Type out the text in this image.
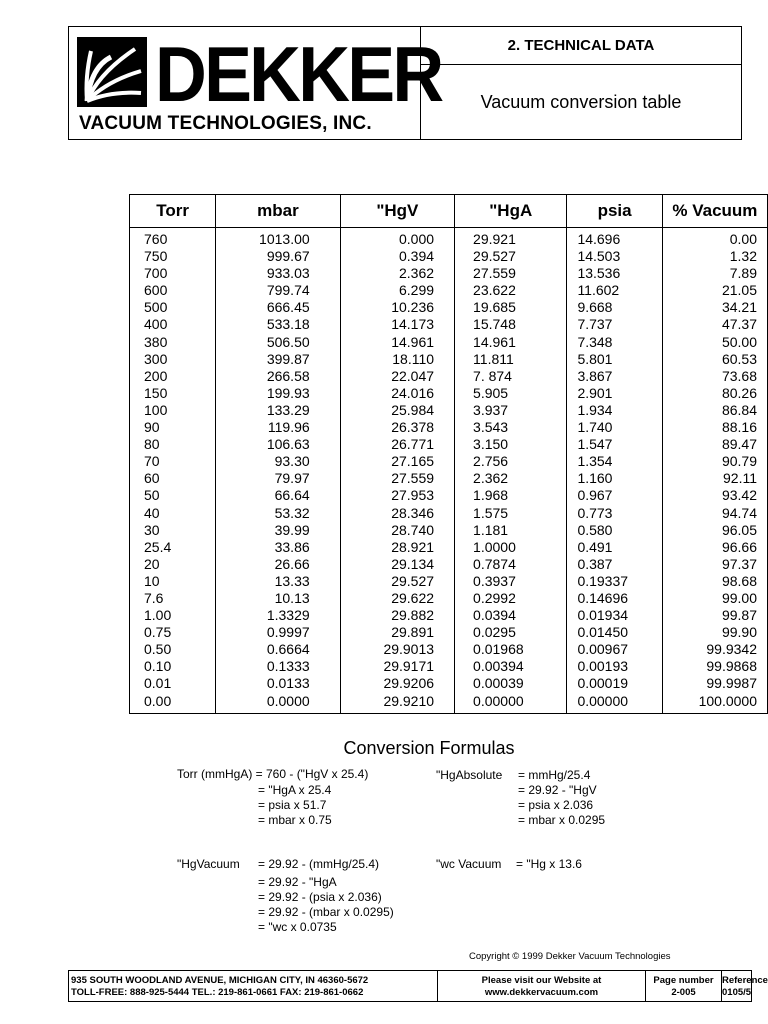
DEKKER
VACUUM TECHNOLOGIES, INC.
2. TECHNICAL DATA
Vacuum conversion table
Torr	mbar	"HgV	"HgA	psia	% Vacuum
760	1013.00	0.000	29.921	14.696	0.00
750	999.67	0.394	29.527	14.503	1.32
700	933.03	2.362	27.559	13.536	7.89
600	799.74	6.299	23.622	11.602	21.05
500	666.45	10.236	19.685	9.668	34.21
400	533.18	14.173	15.748	7.737	47.37
380	506.50	14.961	14.961	7.348	50.00
300	399.87	18.110	11.811	5.801	60.53
200	266.58	22.047	7. 874	3.867	73.68
150	199.93	24.016	5.905	2.901	80.26
100	133.29	25.984	3.937	1.934	86.84
90	119.96	26.378	3.543	1.740	88.16
80	106.63	26.771	3.150	1.547	89.47
70	93.30	27.165	2.756	1.354	90.79
60	79.97	27.559	2.362	1.160	92.11
50	66.64	27.953	1.968	0.967	93.42
40	53.32	28.346	1.575	0.773	94.74
30	39.99	28.740	1.181	0.580	96.05
25.4	33.86	28.921	1.0000	0.491	96.66
20	26.66	29.134	0.7874	0.387	97.37
10	13.33	29.527	0.3937	0.19337	98.68
7.6	10.13	29.622	0.2992	0.14696	99.00
1.00	1.3329	29.882	0.0394	0.01934	99.87
0.75	0.9997	29.891	0.0295	0.01450	99.90
0.50	0.6664	29.9013	0.01968	0.00967	99.9342
0.10	0.1333	29.9171	0.00394	0.00193	99.9868
0.01	0.0133	29.9206	0.00039	0.00019	99.9987
0.00	0.0000	29.9210	0.00000	0.00000	100.0000
Conversion Formulas
Torr (mmHgA) = 760 - ("HgV x 25.4)
= "HgA x 25.4
= psia x 51.7
= mbar x 0.75
"HgAbsolute = mmHg/25.4
= 29.92 - "HgV
= psia x 2.036
= mbar x 0.0295
"HgVacuum = 29.92 - (mmHg/25.4)
= 29.92 - "HgA
= 29.92 - (psia x 2.036)
= 29.92 - (mbar x 0.0295)
= "wc x 0.0735
"wc Vacuum = "Hg x 13.6
Copyright © 1999 Dekker Vacuum Technologies
935 SOUTH WOODLAND AVENUE, MICHIGAN CITY, IN 46360-5672
TOLL-FREE: 888-925-5444 TEL.: 219-861-0661 FAX: 219-861-0662
Please visit our Website at
www.dekkervacuum.com
Page number
2-005
Reference
0105/5
